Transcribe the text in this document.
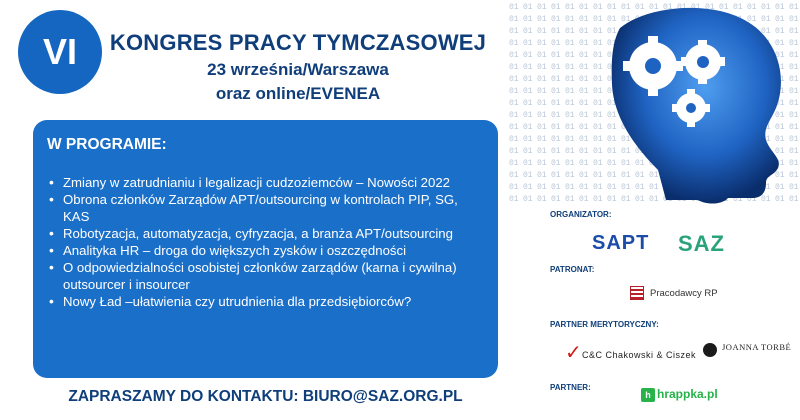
VI	KONGRES PRACY TYMCZASOWEJ
23 września/Warszawa
oraz online/EVENEA
W PROGRAMIE:
• Zmiany w zatrudnianiu i legalizacji cudzoziemców – Nowości 2022
• Obrona członków Zarządów APT/outsourcing w kontrolach PIP, SG, KAS
• Robotyzacja, automatyzacja, cyfryzacja, a branża APT/outsourcing
• Analityka HR – droga do większych zysków i oszczędności
• O odpowiedzialności osobistej członków zarządów (karna i cywilna) outsourcer i insourcer
• Nowy Ład –ułatwienia czy utrudnienia dla przedsiębiorców?
ZAPRASZAMY DO KONTAKTU: BIURO@SAZ.ORG.PL
ORGANIZATOR:
SAPT SAZ
PATRONAT:
Pracodawcy RP
PARTNER MERYTORYCZNY:
✓ C&C Chakowski & Ciszek
JOANNA TORBÉ
PARTNER:
h hrappka.pl
